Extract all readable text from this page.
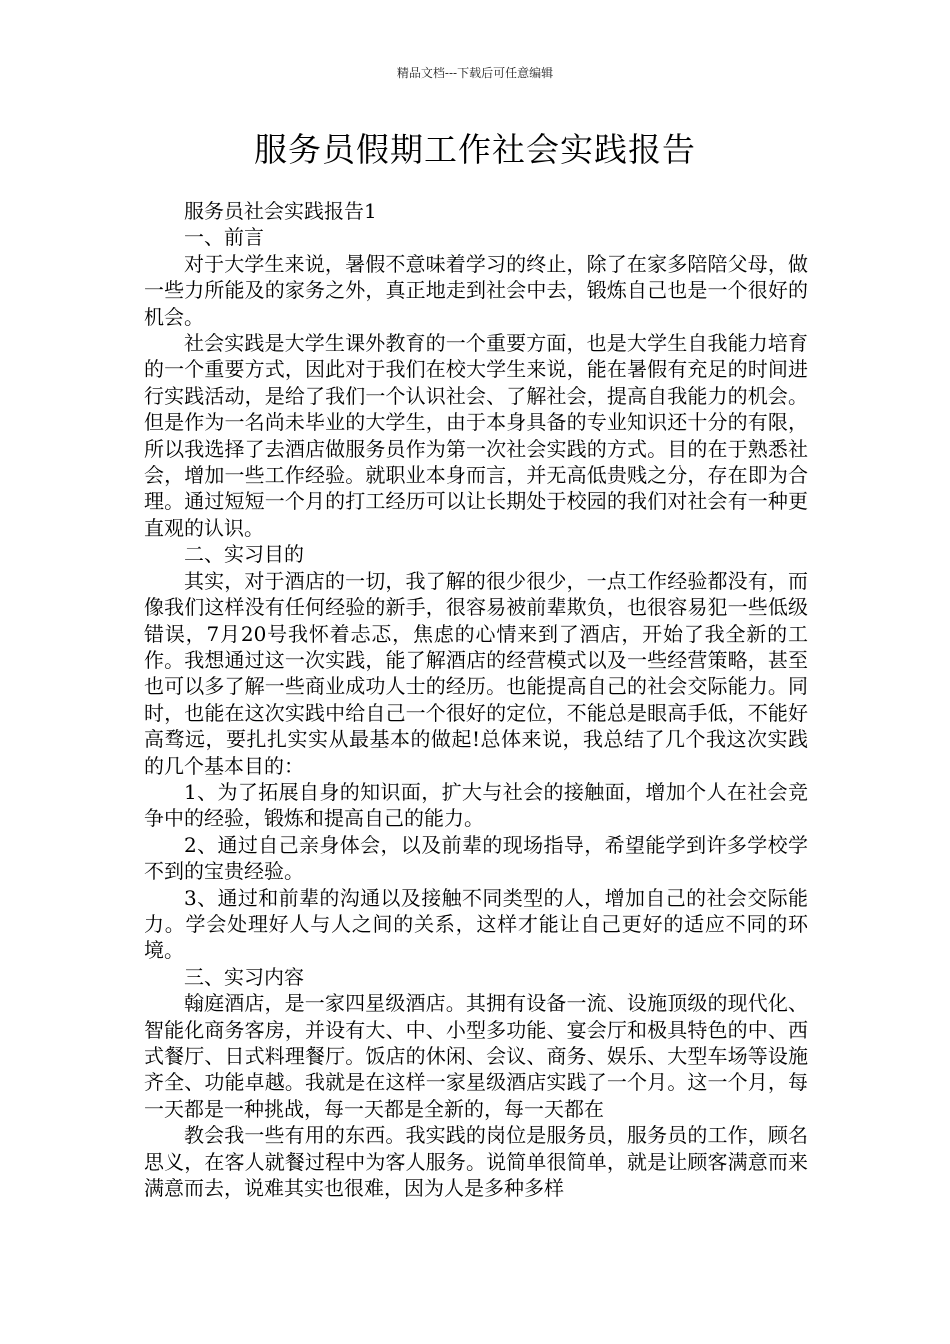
精品文档---下载后可任意编辑
服务员假期工作社会实践报告

服务员社会实践报告1

一、前言

对于大学生来说，暑假不意味着学习的终止，除了在家多陪陪父母，做一些力所能及的家务之外，真正地走到社会中去，锻炼自己也是一个很好的机会。

社会实践是大学生课外教育的一个重要方面，也是大学生自我能力培育的一个重要方式，因此对于我们在校大学生来说，能在暑假有充足的时间进行实践活动，是给了我们一个认识社会、了解社会，提高自我能力的机会。但是作为一名尚未毕业的大学生，由于本身具备的专业知识还十分的有限，所以我选择了去酒店做服务员作为第一次社会实践的方式。目的在于熟悉社会，增加一些工作经验。就职业本身而言，并无高低贵贱之分，存在即为合理。通过短短一个月的打工经历可以让长期处于校园的我们对社会有一种更直观的认识。

二、实习目的

其实，对于酒店的一切，我了解的很少很少，一点工作经验都没有，而像我们这样没有任何经验的新手，很容易被前辈欺负，也很容易犯一些低级错误，7月20号我怀着忐忑，焦虑的心情来到了酒店，开始了我全新的工作。我想通过这一次实践，能了解酒店的经营模式以及一些经营策略，甚至也可以多了解一些商业成功人士的经历。也能提高自己的社会交际能力。同时，也能在这次实践中给自己一个很好的定位，不能总是眼高手低，不能好高骛远，要扎扎实实从最基本的做起!总体来说，我总结了几个我这次实践的几个基本目的：

1、为了拓展自身的知识面，扩大与社会的接触面，增加个人在社会竞争中的经验，锻炼和提高自己的能力。

2、通过自己亲身体会，以及前辈的现场指导，希望能学到许多学校学不到的宝贵经验。

3、通过和前辈的沟通以及接触不同类型的人，增加自己的社会交际能力。学会处理好人与人之间的关系，这样才能让自己更好的适应不同的环境。

三、实习内容

翰庭酒店，是一家四星级酒店。其拥有设备一流、设施顶级的现代化、智能化商务客房，并设有大、中、小型多功能、宴会厅和极具特色的中、西式餐厅、日式料理餐厅。饭店的休闲、会议、商务、娱乐、大型车场等设施齐全、功能卓越。我就是在这样一家星级酒店实践了一个月。这一个月，每一天都是一种挑战，每一天都是全新的，每一天都在

教会我一些有用的东西。我实践的岗位是服务员，服务员的工作，顾名思义，在客人就餐过程中为客人服务。说简单很简单，就是让顾客满意而来满意而去，说难其实也很难，因为人是多种多样
